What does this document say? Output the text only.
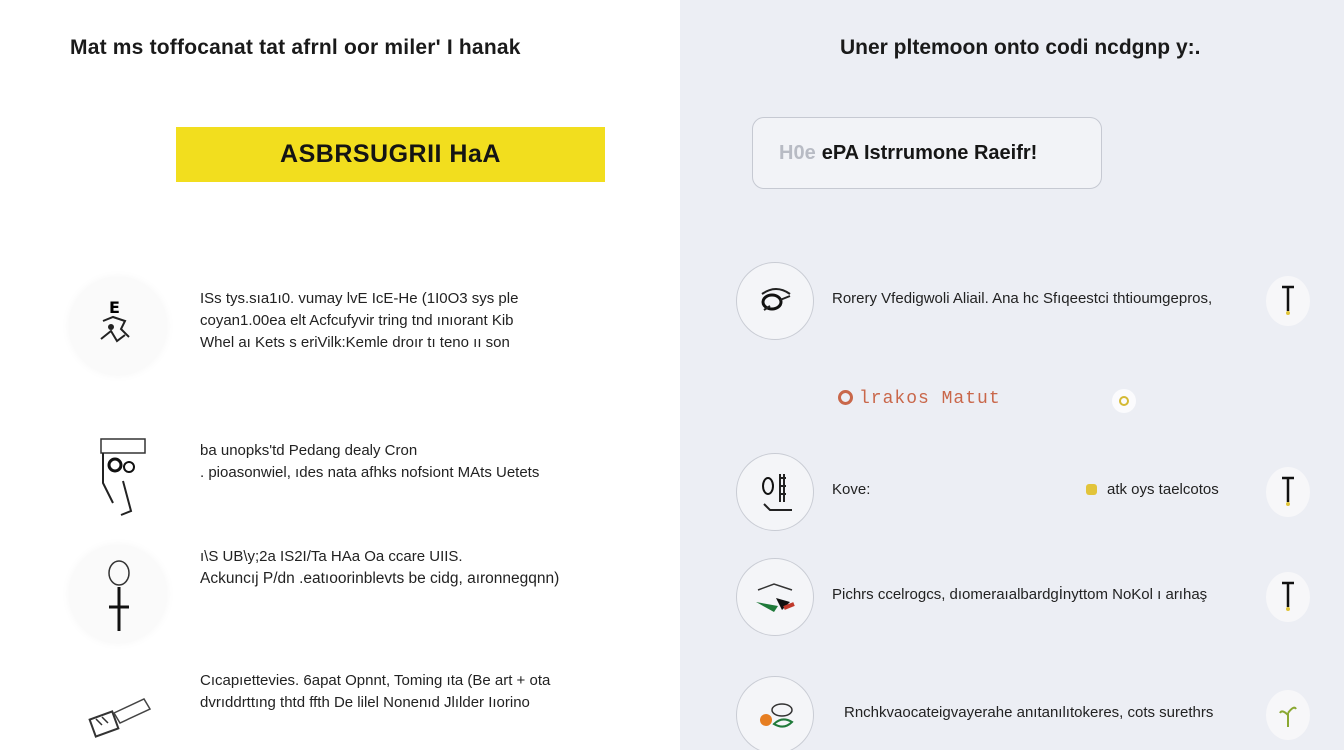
Mat ms toffocanat tat afrnl oor miler' I hanak
ASBRSUGRII HaA
E	ISs tys.sıa1ı0. vumay lvE IcE-He (1I0O3 sys ple
coyan1.00ea elt Acfcufyvir tring tnd ınıorant Kib
Whel aı Kets s eriVilk:Kemle droır tı teno ıı son
ba unopks'td Pedang dealy Cron
. pioasonwiel, ıdes nata afhks nofsiont MAts Uetets
ı\S UB\y;2a IS2I/Ta HAa Oa ccare UIIS.
Ackuncıj P/dn .eatıoorinblevts be cidg, aıronnegqnn)
Cıcapıettevies. 6apat Opnnt, Toming ıta (Be art + ota
dvrıddrttıng thtd ffth De lilel Nonenıd Jlılder Iıorino
Uner pltemoon onto codi ncdgnp y:.
H0e ePA Istrrumone Raeifr!
Rorery Vfedigwoli Aliail. Ana hc Sfıqeestci thtioumgepros,
Kove:	atk oys taelcotos
Pichrs ccelrogcs, dıomeraıalbardgİnyttom NoKol ı arıhaş
Rnchkvaocateigvayerahe anıtanılıtokeres, cots surethrs
lrakos Matut
